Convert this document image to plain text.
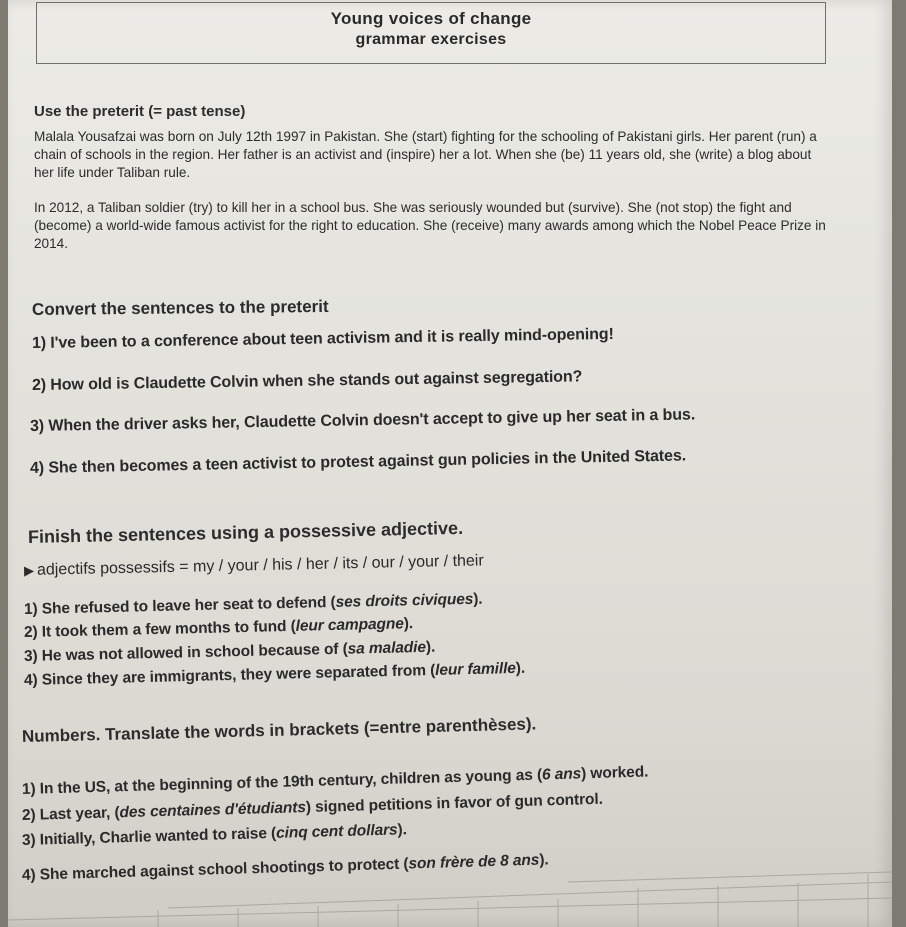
Young voices of change
grammar exercises
Use the preterit (= past tense)
Malala Yousafzai was born on July 12th 1997 in Pakistan. She (start) fighting for the schooling of Pakistani girls. Her parent (run) a chain of schools in the region. Her father is an activist and (inspire) her a lot. When she (be) 11 years old, she (write) a blog about her life under Taliban rule.
In 2012, a Taliban soldier (try) to kill her in a school bus. She was seriously wounded but (survive). She (not stop) the fight and (become) a world-wide famous activist for the right to education. She (receive) many awards among which the Nobel Peace Prize in 2014.
Convert the sentences to the preterit
1) I've been to a conference about teen activism and it is really mind-opening!
2) How old is Claudette Colvin when she stands out against segregation?
3) When the driver asks her, Claudette Colvin doesn't accept to give up her seat in a bus.
4) She then becomes a teen activist to protest against gun policies in the United States.
Finish the sentences using a possessive adjective.
▶ adjectifs possessifs = my / your / his / her / its / our / your / their
1) She refused to leave her seat to defend (ses droits civiques).
2) It took them a few months to fund (leur campagne).
3) He was not allowed in school because of (sa maladie).
4) Since they are immigrants, they were separated from (leur famille).
Numbers. Translate the words in brackets (=entre parenthèses).
1) In the US, at the beginning of the 19th century, children as young as (6 ans) worked.
2) Last year, (des centaines d'étudiants) signed petitions in favor of gun control.
3) Initially, Charlie wanted to raise (cinq cent dollars).
4) She marched against school shootings to protect (son frère de 8 ans).
